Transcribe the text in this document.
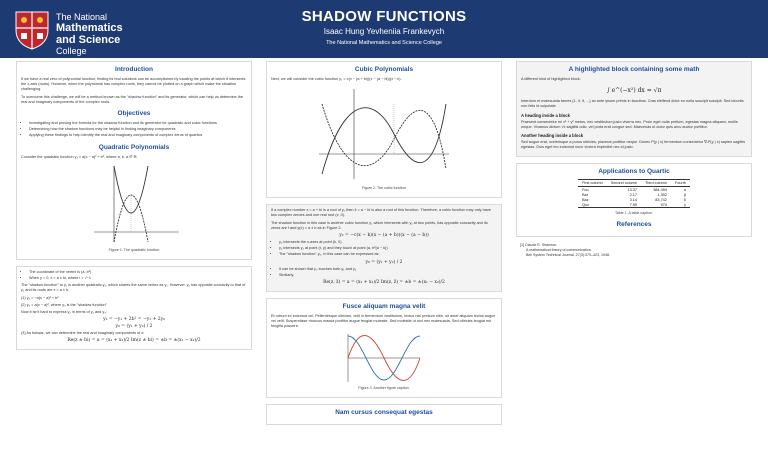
The National
Mathematics
and Science
College
SHADOW FUNCTIONS
Isaac Hung Yevheniia Frankevych
The National Mathematics and Science College
Introduction
If we have a real zero of polynomial function, finding its real solutions can be accomplished by locating the points at which it intersects the x-axis (roots). However, when the polynomial has complex roots, they cannot be plotted on a graph which make the situation challenging.
To overcome this challenge, we will be a method known as the "shadow function" and its generator, which can help us determine the real and imaginary components of the complex roots.
Objectives
• Investigating and proving the formula for the shadow function and its generator for quadratic and cubic functions
• Determining how the shadow functions may be helpful in finding imaginary components
• Applying these findings to help identify the real and imaginary components of complex zeros of quartics
Quadratic Polynomials
Consider the quadratic function y₁ = a(x − a)² + b², where a, b, a ∈ ℝ
Figure 1. The quadratic function
• The coordinate of the vertex is (a, b²)
• When y = 0, x = a ± bi, where i = √−1
The "shadow function" to y₁ is another quadratic y₂, which shares the same vertex as y₁. However, y₂ has opposite concavity to that of y₁ and its roots are x = a ± b.
(1) y₂ = −a(x − a)² + b²
(2) y₃ = a(x − a)², where y₃ is the "shadow function"
Now it isn't hard to express y₂ in terms of y₁ and y₃:
y₂ = −y₁ + 2b² = −y₁ + 2y₀
y₀ = (y₁ + y₂) / 2
(3) As follows, we can determine the real and imaginary components of z:
Re(z ± bi) = a = (x₁ + x₂)/2 Im(z ± bi) = ±b = ±(x₁ − x₂)/2
Cubic Polynomials
Next, we will consider the cubic function y₁ = c(x − (a + bi))(x − (a − bi))(x − k).
Figure 2. The cubic function
If a complex number z = a + bi is a root of y₁ then z̄ = a − bi is also a root of this function. Therefore, a cubic function may only have two complex zeroes and one real root (c, 0).
The shadow function in this case is another cubic function y₂ which intersects with y₁ at two points, has opposite concavity and its zeros are f and y(c) = a ± b as in Figure 2.
y₂ = −c(x − k)(x − (a + b))(x − (a − b))
• y₂ intersects the x-axes at point (k, 0)
• y₂ intersects y₁ at point (t, y) and they touch at point (a, b²(a − k))
• The "shadow function" y₀, in this case can be expressed as:
y₀ = (y₁ + y₂) / 2
• It can be shown that y₀ touches both y₁ and y₂
• Similarly,
Re(z, z̄) = a = (x₁ + x₂)/2 Im(z, z̄) = ±b = ±(x₁ − x₂)/2
Fusce aliquam magna velit
Et rutrum ex euismod vel. Pellentesque ultricies, velit in fermentum vestibulum, lectus nisi pretium nibh, sit amet aliquam lectus augue vel velit. Suspendisse rhoncus massa porttitor augue feugiat molestie. Sed molestie ut orci nec malesuada. Sed ultricies feugiat est fringilla posuere.
Figure 3. Another figure caption.
Nam cursus consequat egestas
A highlighted block containing some math
A different kind of highlighted block.
∫ e^(−x²) dx = √π
Interdum et malesuada fames {1, 4, 9, ...} ac ante ipsum primis in faucibus. Cras eleifend dolor eu nulla suscipit suscipit. Sed lobortis non felis id vulputate.
A heading inside a block
Praesent consectetur mi x² + y² metus, nec vestibulum justo viverra nec. Proin eget nulla pretium, egestas magna aliquam, mollis neque. Vivamus dictum √x sagittis odio, vel porta erat congue sed. Maecenas ut dolor quis arcu auctor porttitor.
Another heading inside a block
Sed augue erat, scelerisque a purus ultricies, placerat porttitor neque. Donec P(y | x) fermentum consectetur ∇ₓP(y | x) sapien sagittis egestas. Duis eget leo euismod nunc viverra imperdiet nec id justo.
Applications to Quartic
First column	Second column	Third column	Fourth
Foo	13.37	384,394	α
Bar	2.17	1,392	β
Baz	3.14	83,742	δ
Qux	7.59	974	γ
Table 1. A table caption.
References
[1] Claude E. Shannon.
A mathematical theory of communication.
Bell System Technical Journal, 27(3):379–423, 1948.
